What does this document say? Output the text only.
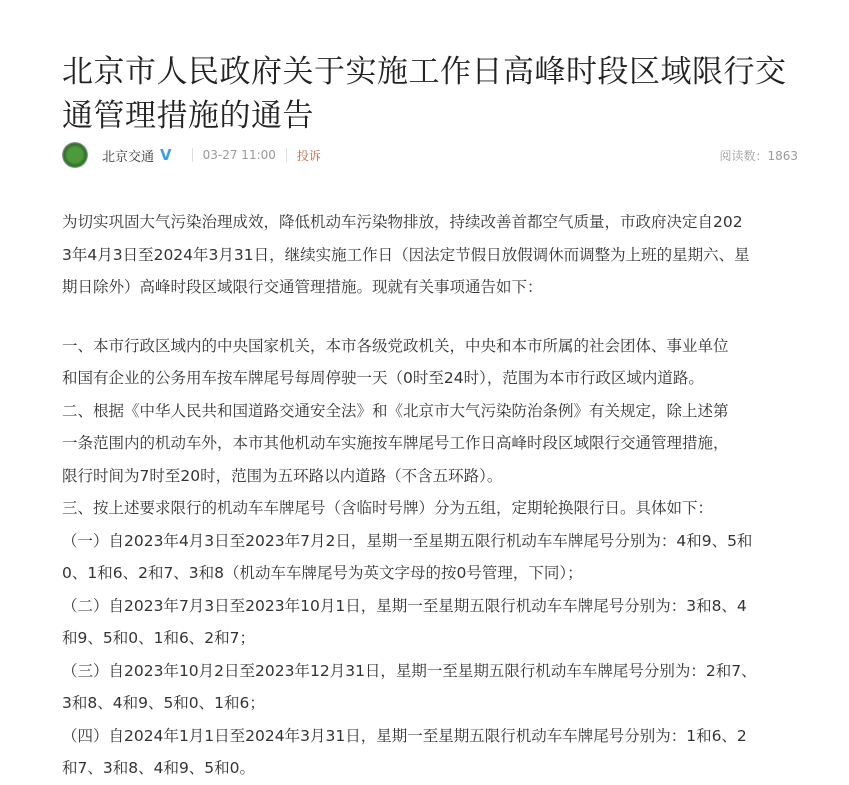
北京市人民政府关于实施工作日高峰时段区域限行交通管理措施的通告
北京交通 V	03-27 11:00 投诉	阅读数：1863
为切实巩固大气污染治理成效，降低机动车污染物排放，持续改善首都空气质量，市政府决定自202
3年4月3日至2024年3月31日，继续实施工作日（因法定节假日放假调休而调整为上班的星期六、星
期日除外）高峰时段区域限行交通管理措施。现就有关事项通告如下：
一、本市行政区域内的中央国家机关，本市各级党政机关，中央和本市所属的社会团体、事业单位
和国有企业的公务用车按车牌尾号每周停驶一天（0时至24时），范围为本市行政区域内道路。
二、根据《中华人民共和国道路交通安全法》和《北京市大气污染防治条例》有关规定，除上述第
一条范围内的机动车外，本市其他机动车实施按车牌尾号工作日高峰时段区域限行交通管理措施，
限行时间为7时至20时，范围为五环路以内道路（不含五环路）。
三、按上述要求限行的机动车车牌尾号（含临时号牌）分为五组，定期轮换限行日。具体如下：
（一）自2023年4月3日至2023年7月2日，星期一至星期五限行机动车车牌尾号分别为：4和9、5和
0、1和6、2和7、3和8（机动车车牌尾号为英文字母的按0号管理，下同）；
（二）自2023年7月3日至2023年10月1日，星期一至星期五限行机动车车牌尾号分别为：3和8、4
和9、5和0、1和6、2和7；
（三）自2023年10月2日至2023年12月31日，星期一至星期五限行机动车车牌尾号分别为：2和7、
3和8、4和9、5和0、1和6；
（四）自2024年1月1日至2024年3月31日，星期一至星期五限行机动车车牌尾号分别为：1和6、2
和7、3和8、4和9、5和0。
